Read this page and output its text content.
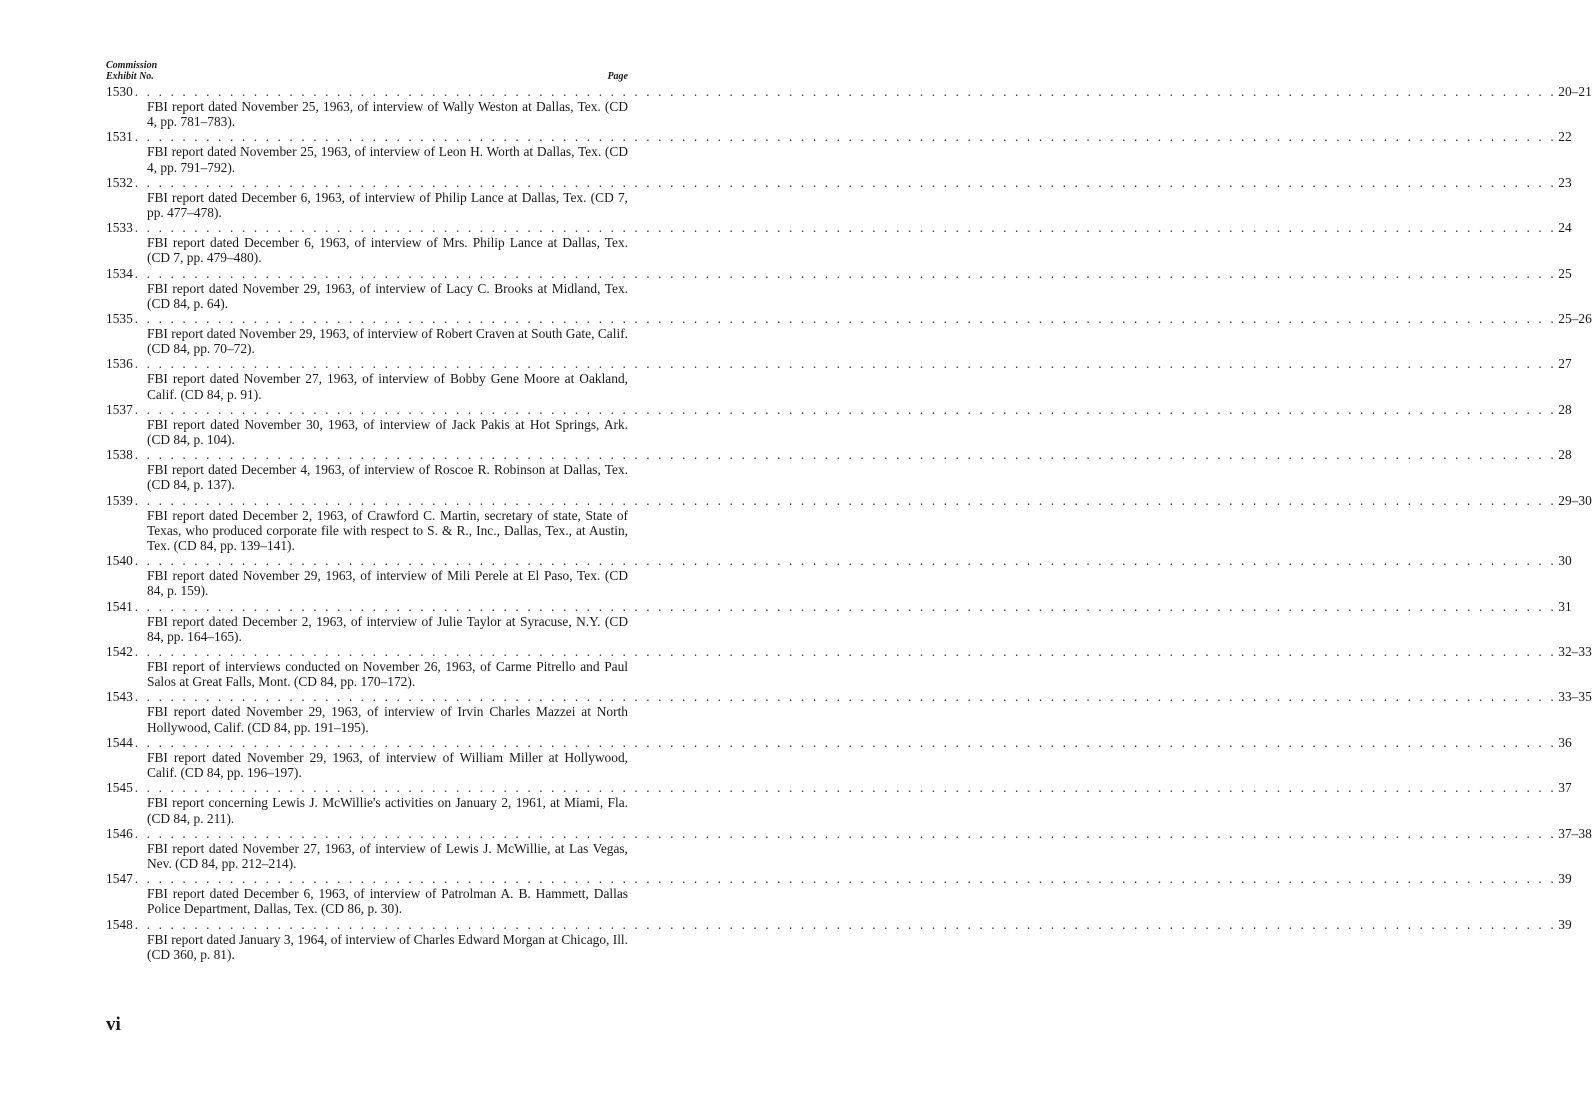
Commission
Exhibit No.	Page
1530 . . . . . . . . . . . . . . . . . . . . . . . . . . . . . . . . . . . . . . . . . . . . . . . . . . . . . . . . . . . . . . . . . . . . . . . . . . . . . . . . . . . . . . . . . . . . . . . . . . . . . . . . . . . . . . . . . . . . . . . . 20–21

FBI report dated November 25, 1963, of interview of Wally Weston at Dallas, Tex. (CD 4, pp. 781–783).

1531 . . . . . . . . . . . . . . . . . . . . . . . . . . . . . . . . . . . . . . . . . . . . . . . . . . . . . . . . . . . . . . . . . . . . . . . . . . . . . . . . . . . . . . . . . . . . . . . . . . . . . . . . . . . . . . . . . . . . . . . . 22

FBI report dated November 25, 1963, of interview of Leon H. Worth at Dallas, Tex. (CD 4, pp. 791–792).

1532 . . . . . . . . . . . . . . . . . . . . . . . . . . . . . . . . . . . . . . . . . . . . . . . . . . . . . . . . . . . . . . . . . . . . . . . . . . . . . . . . . . . . . . . . . . . . . . . . . . . . . . . . . . . . . . . . . . . . . . . . 23

FBI report dated December 6, 1963, of interview of Philip Lance at Dallas, Tex. (CD 7, pp. 477–478).

1533 . . . . . . . . . . . . . . . . . . . . . . . . . . . . . . . . . . . . . . . . . . . . . . . . . . . . . . . . . . . . . . . . . . . . . . . . . . . . . . . . . . . . . . . . . . . . . . . . . . . . . . . . . . . . . . . . . . . . . . . . 24

FBI report dated December 6, 1963, of interview of Mrs. Philip Lance at Dallas, Tex. (CD 7, pp. 479–480).

1534 . . . . . . . . . . . . . . . . . . . . . . . . . . . . . . . . . . . . . . . . . . . . . . . . . . . . . . . . . . . . . . . . . . . . . . . . . . . . . . . . . . . . . . . . . . . . . . . . . . . . . . . . . . . . . . . . . . . . . . . . 25

FBI report dated November 29, 1963, of interview of Lacy C. Brooks at Midland, Tex. (CD 84, p. 64).

1535 . . . . . . . . . . . . . . . . . . . . . . . . . . . . . . . . . . . . . . . . . . . . . . . . . . . . . . . . . . . . . . . . . . . . . . . . . . . . . . . . . . . . . . . . . . . . . . . . . . . . . . . . . . . . . . . . . . . . . . . . 25–26

FBI report dated November 29, 1963, of interview of Robert Craven at South Gate, Calif. (CD 84, pp. 70–72).

1536 . . . . . . . . . . . . . . . . . . . . . . . . . . . . . . . . . . . . . . . . . . . . . . . . . . . . . . . . . . . . . . . . . . . . . . . . . . . . . . . . . . . . . . . . . . . . . . . . . . . . . . . . . . . . . . . . . . . . . . . . 27

FBI report dated November 27, 1963, of interview of Bobby Gene Moore at Oakland, Calif. (CD 84, p. 91).

1537 . . . . . . . . . . . . . . . . . . . . . . . . . . . . . . . . . . . . . . . . . . . . . . . . . . . . . . . . . . . . . . . . . . . . . . . . . . . . . . . . . . . . . . . . . . . . . . . . . . . . . . . . . . . . . . . . . . . . . . . . 28

FBI report dated November 30, 1963, of interview of Jack Pakis at Hot Springs, Ark. (CD 84, p. 104).

1538 . . . . . . . . . . . . . . . . . . . . . . . . . . . . . . . . . . . . . . . . . . . . . . . . . . . . . . . . . . . . . . . . . . . . . . . . . . . . . . . . . . . . . . . . . . . . . . . . . . . . . . . . . . . . . . . . . . . . . . . . 28

FBI report dated December 4, 1963, of interview of Roscoe R. Robinson at Dallas, Tex. (CD 84, p. 137).

1539 . . . . . . . . . . . . . . . . . . . . . . . . . . . . . . . . . . . . . . . . . . . . . . . . . . . . . . . . . . . . . . . . . . . . . . . . . . . . . . . . . . . . . . . . . . . . . . . . . . . . . . . . . . . . . . . . . . . . . . . . 29–30

FBI report dated December 2, 1963, of Crawford C. Martin, secretary of state, State of Texas, who produced corporate file with respect to S. & R., Inc., Dallas, Tex., at Austin, Tex. (CD 84, pp. 139–141).

1540 . . . . . . . . . . . . . . . . . . . . . . . . . . . . . . . . . . . . . . . . . . . . . . . . . . . . . . . . . . . . . . . . . . . . . . . . . . . . . . . . . . . . . . . . . . . . . . . . . . . . . . . . . . . . . . . . . . . . . . . . 30

FBI report dated November 29, 1963, of interview of Mili Perele at El Paso, Tex. (CD 84, p. 159).

1541 . . . . . . . . . . . . . . . . . . . . . . . . . . . . . . . . . . . . . . . . . . . . . . . . . . . . . . . . . . . . . . . . . . . . . . . . . . . . . . . . . . . . . . . . . . . . . . . . . . . . . . . . . . . . . . . . . . . . . . . . 31

FBI report dated December 2, 1963, of interview of Julie Taylor at Syracuse, N.Y. (CD 84, pp. 164–165).

1542 . . . . . . . . . . . . . . . . . . . . . . . . . . . . . . . . . . . . . . . . . . . . . . . . . . . . . . . . . . . . . . . . . . . . . . . . . . . . . . . . . . . . . . . . . . . . . . . . . . . . . . . . . . . . . . . . . . . . . . . . 32–33

FBI report of interviews conducted on November 26, 1963, of Carme Pitrello and Paul Salos at Great Falls, Mont. (CD 84, pp. 170–172).

1543 . . . . . . . . . . . . . . . . . . . . . . . . . . . . . . . . . . . . . . . . . . . . . . . . . . . . . . . . . . . . . . . . . . . . . . . . . . . . . . . . . . . . . . . . . . . . . . . . . . . . . . . . . . . . . . . . . . . . . . . . 33–35

FBI report dated November 29, 1963, of interview of Irvin Charles Mazzei at North Hollywood, Calif. (CD 84, pp. 191–195).

1544 . . . . . . . . . . . . . . . . . . . . . . . . . . . . . . . . . . . . . . . . . . . . . . . . . . . . . . . . . . . . . . . . . . . . . . . . . . . . . . . . . . . . . . . . . . . . . . . . . . . . . . . . . . . . . . . . . . . . . . . . 36

FBI report dated November 29, 1963, of interview of William Miller at Hollywood, Calif. (CD 84, pp. 196–197).

1545 . . . . . . . . . . . . . . . . . . . . . . . . . . . . . . . . . . . . . . . . . . . . . . . . . . . . . . . . . . . . . . . . . . . . . . . . . . . . . . . . . . . . . . . . . . . . . . . . . . . . . . . . . . . . . . . . . . . . . . . . 37

FBI report concerning Lewis J. McWillie's activities on January 2, 1961, at Miami, Fla. (CD 84, p. 211).

1546 . . . . . . . . . . . . . . . . . . . . . . . . . . . . . . . . . . . . . . . . . . . . . . . . . . . . . . . . . . . . . . . . . . . . . . . . . . . . . . . . . . . . . . . . . . . . . . . . . . . . . . . . . . . . . . . . . . . . . . . . 37–38

FBI report dated November 27, 1963, of interview of Lewis J. McWillie, at Las Vegas, Nev. (CD 84, pp. 212–214).

1547 . . . . . . . . . . . . . . . . . . . . . . . . . . . . . . . . . . . . . . . . . . . . . . . . . . . . . . . . . . . . . . . . . . . . . . . . . . . . . . . . . . . . . . . . . . . . . . . . . . . . . . . . . . . . . . . . . . . . . . . . 39

FBI report dated December 6, 1963, of interview of Patrolman A. B. Hammett, Dallas Police Department, Dallas, Tex. (CD 86, p. 30).

1548 . . . . . . . . . . . . . . . . . . . . . . . . . . . . . . . . . . . . . . . . . . . . . . . . . . . . . . . . . . . . . . . . . . . . . . . . . . . . . . . . . . . . . . . . . . . . . . . . . . . . . . . . . . . . . . . . . . . . . . . . 39

FBI report dated January 3, 1964, of interview of Charles Edward Morgan at Chicago, Ill. (CD 360, p. 81).

vi
